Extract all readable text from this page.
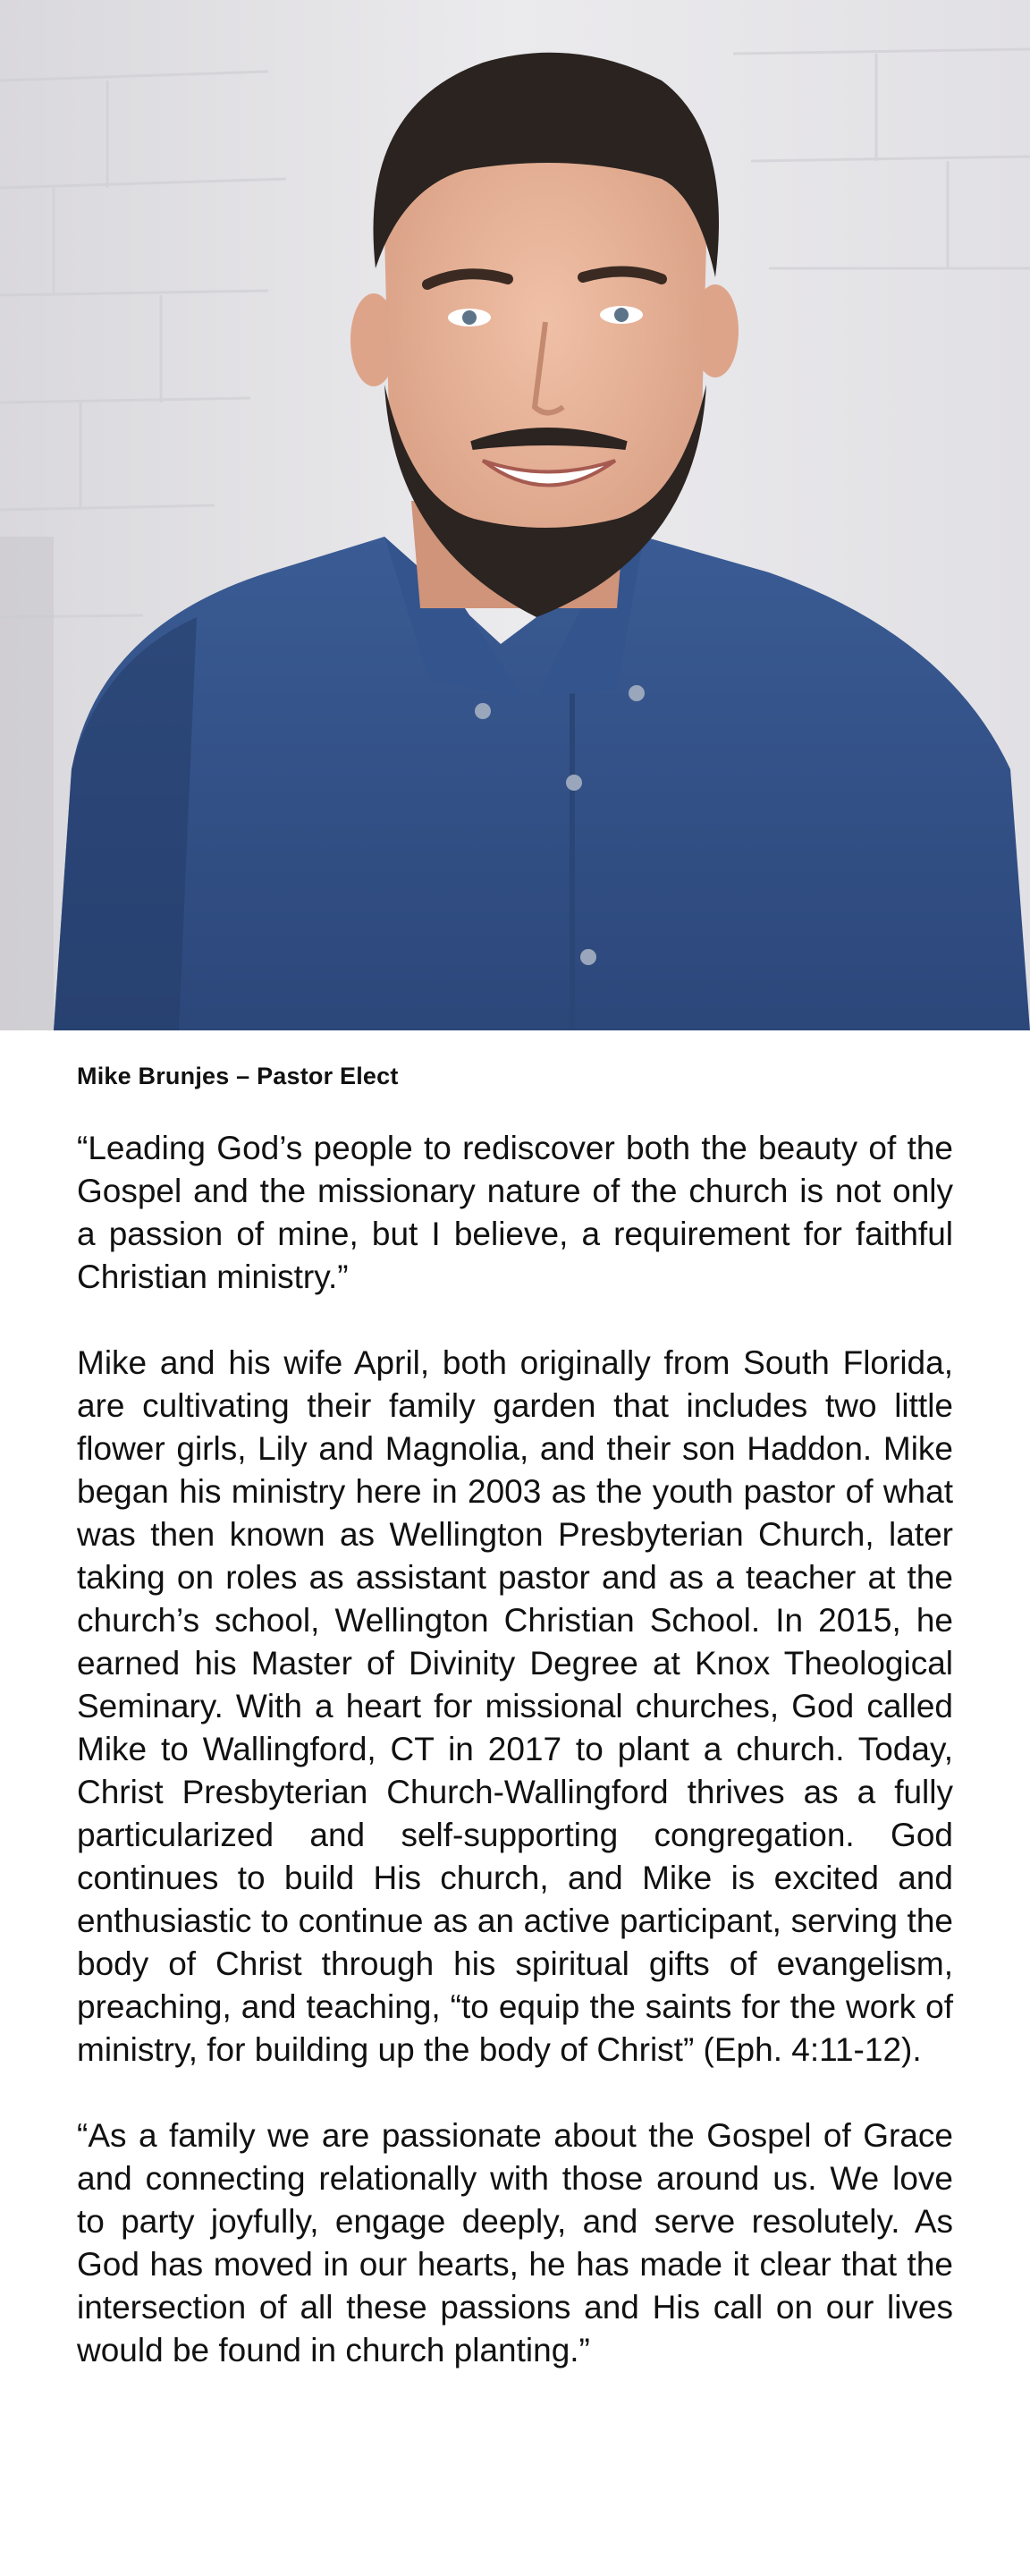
Mike Brunjes – Pastor Elect

“Leading God’s people to rediscover both the beauty of the Gospel and the missionary nature of the church is not only a passion of mine, but I believe, a requirement for faithful Christian ministry.”

Mike and his wife April, both originally from South Florida, are cultivating their family garden that includes two little flower girls, Lily and Magnolia, and their son Haddon. Mike began his ministry here in 2003 as the youth pastor of what was then known as Wellington Presbyterian Church, later taking on roles as assistant pastor and as a teacher at the church’s school, Wellington Christian School. In 2015, he earned his Master of Divinity Degree at Knox Theological Seminary. With a heart for missional churches, God called Mike to Wallingford, CT in 2017 to plant a church. Today, Christ Presbyterian Church-Wallingford thrives as a fully particularized and self-supporting congregation. God continues to build His church, and Mike is excited and enthusiastic to continue as an active participant, serving the body of Christ through his spiritual gifts of evangelism, preaching, and teaching, “to equip the saints for the work of ministry, for building up the body of Christ” (Eph. 4:11-12).

“As a family we are passionate about the Gospel of Grace and connecting relationally with those around us. We love to party joyfully, engage deeply, and serve resolutely. As God has moved in our hearts, he has made it clear that the intersection of all these passions and His call on our lives would be found in church planting.”
